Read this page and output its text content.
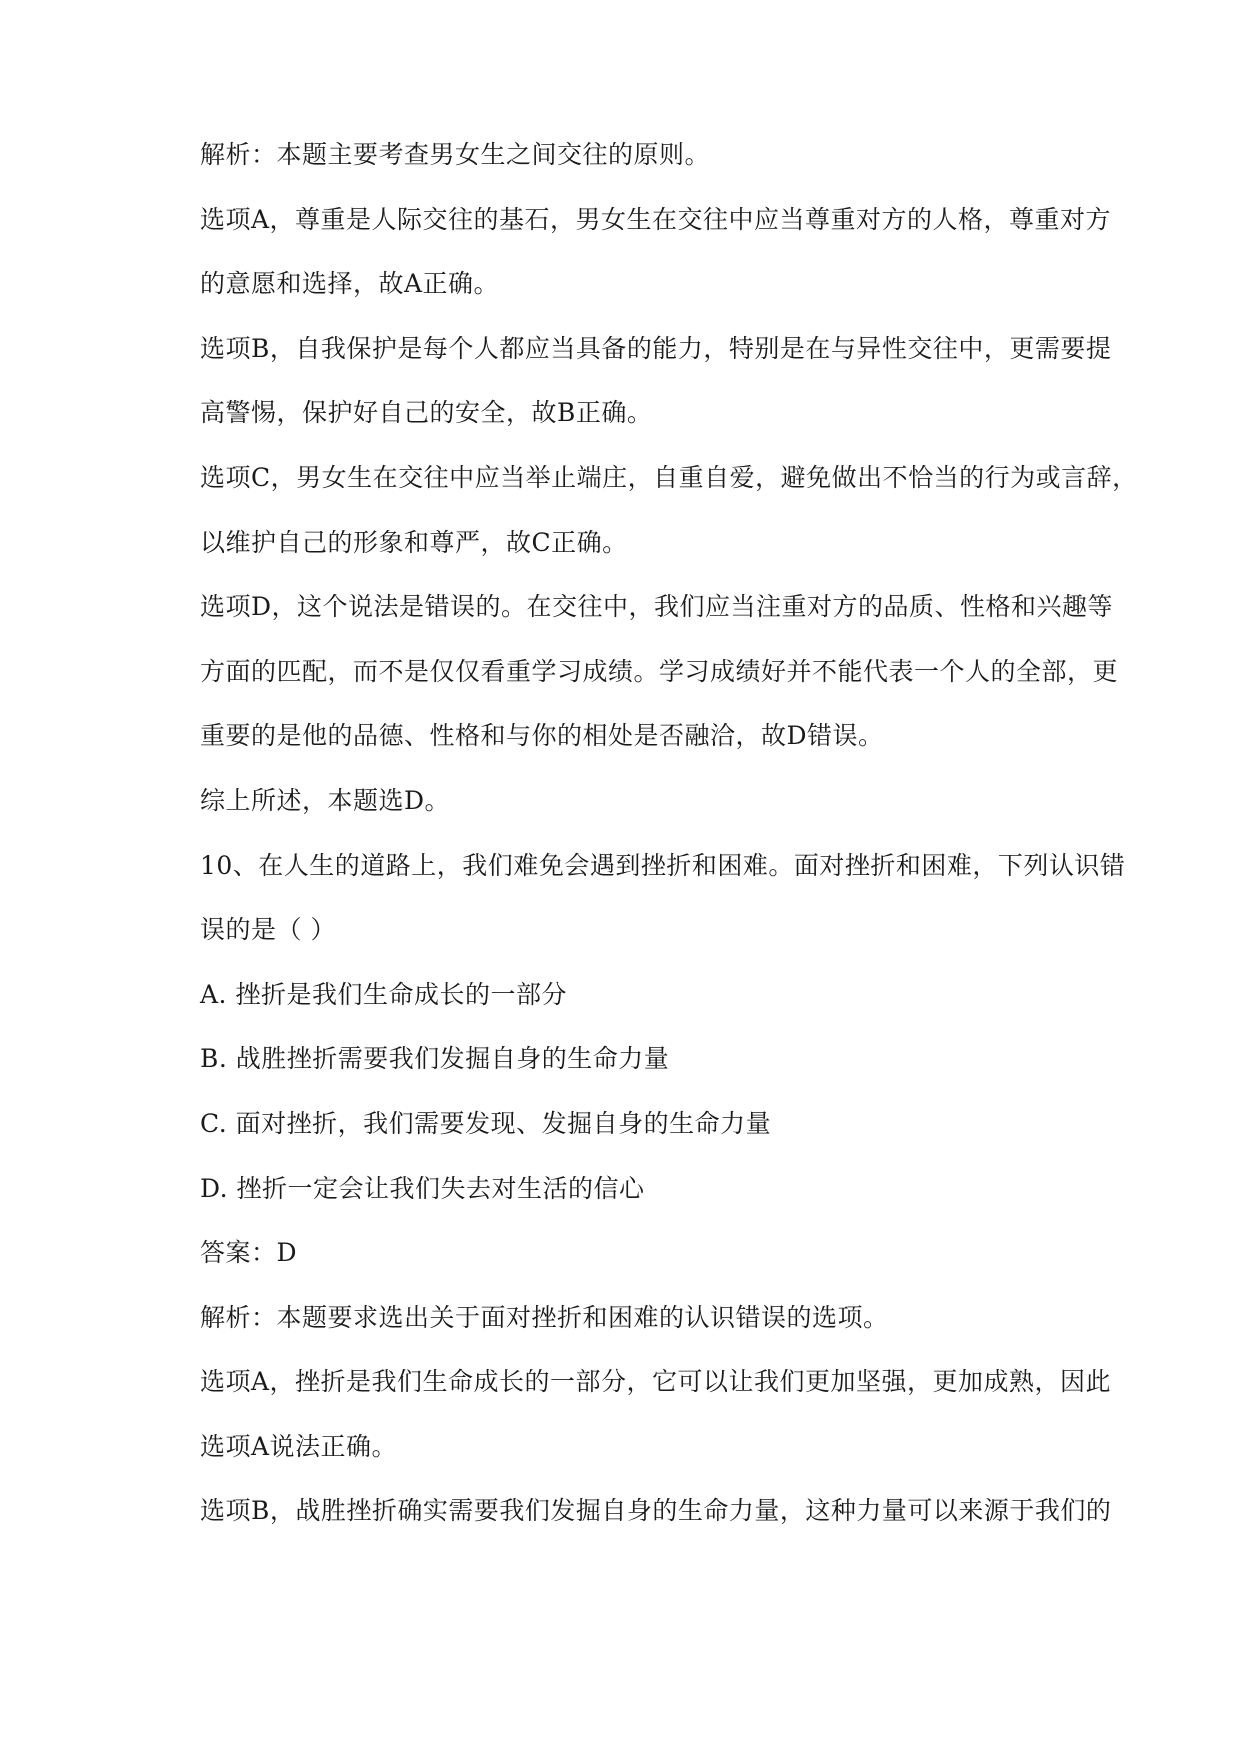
解析：本题主要考查男女生之间交往的原则。
选项A，尊重是人际交往的基石，男女生在交往中应当尊重对方的人格，尊重对方
的意愿和选择，故A正确。
选项B，自我保护是每个人都应当具备的能力，特别是在与异性交往中，更需要提
高警惕，保护好自己的安全，故B正确。
选项C，男女生在交往中应当举止端庄，自重自爱，避免做出不恰当的行为或言辞，
以维护自己的形象和尊严，故C正确。
选项D，这个说法是错误的。在交往中，我们应当注重对方的品质、性格和兴趣等
方面的匹配，而不是仅仅看重学习成绩。学习成绩好并不能代表一个人的全部，更
重要的是他的品德、性格和与你的相处是否融洽，故D错误。
综上所述，本题选D。
10、在人生的道路上，我们难免会遇到挫折和困难。面对挫折和困难，下列认识错
误的是（ ）
A. 挫折是我们生命成长的一部分
B. 战胜挫折需要我们发掘自身的生命力量
C. 面对挫折，我们需要发现、发掘自身的生命力量
D. 挫折一定会让我们失去对生活的信心
答案：D
解析：本题要求选出关于面对挫折和困难的认识错误的选项。
选项A，挫折是我们生命成长的一部分，它可以让我们更加坚强，更加成熟，因此
选项A说法正确。
选项B，战胜挫折确实需要我们发掘自身的生命力量，这种力量可以来源于我们的
